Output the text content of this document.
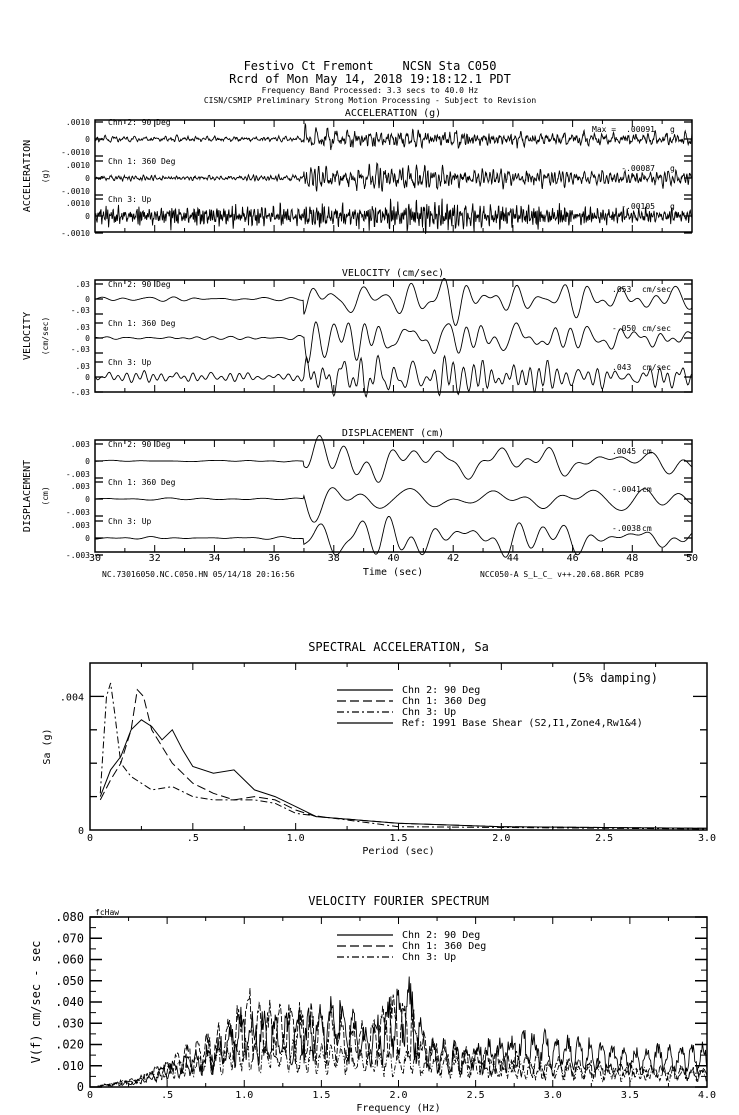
Festivo Ct Fremont    NCSN Sta C050
Rcrd of Mon May 14, 2018 19:18:12.1 PDT
Frequency Band Processed: 3.3 secs to 40.0 Hz
CISN/CSMIP Preliminary Strong Motion Processing - Subject to Revision
ACCELERATION (g)
ACCELERATION (g)
.0010
0
-.0010
Chn 2: 90 Deg
Max = .00091 g
.0010
0
-.0010
Chn 1: 360 Deg
-.00087 g
.0010
0
-.0010
Chn 3: Up
-.00105 g
VELOCITY (cm/sec)
VELOCITY (cm/sec)
.03
0
-.03
Chn 2: 90 Deg
.053 cm/sec
.03
0
-.03
Chn 1: 360 Deg
-.050 cm/sec
.03
0
-.03
Chn 3: Up
.043 cm/sec
DISPLACEMENT (cm)
DISPLACEMENT (cm)
.003
0
-.003
Chn 2: 90 Deg
.0045 cm
.003
0
-.003
Chn 1: 360 Deg
-.0041 cm
.003
0
-.003
Chn 3: Up
-.0038 cm
30	32	34	36	38	40	42	44	46	48	50
SPECTRAL ACCELERATION, Sa
Period (sec)
0	.5	1.0	1.5	2.0	2.5	3.0
.004
0
Sa (g)
(5% damping)
Chn 2: 90 Deg
Chn 1: 360 Deg
Chn 3: Up
Ref: 1991 Base Shear (S2,I1,Zone4,Rw1&4)
VELOCITY FOURIER SPECTRUM
Frequency (Hz)
0	.5	1.0	1.5	2.0	2.5	3.0	3.5	4.0
.080
.070
.060
.050
.040
.030
.020
.010
0
V(f) cm/sec - sec
fcHaw
Chn 2: 90 Deg
Chn 1: 360 Deg
Chn 3: Up
NC.73016050.NC.C050.HN 05/14/18 20:16:56	Time (sec)	NCC050-A S_L_C_ v++.20.68.86R PC89
